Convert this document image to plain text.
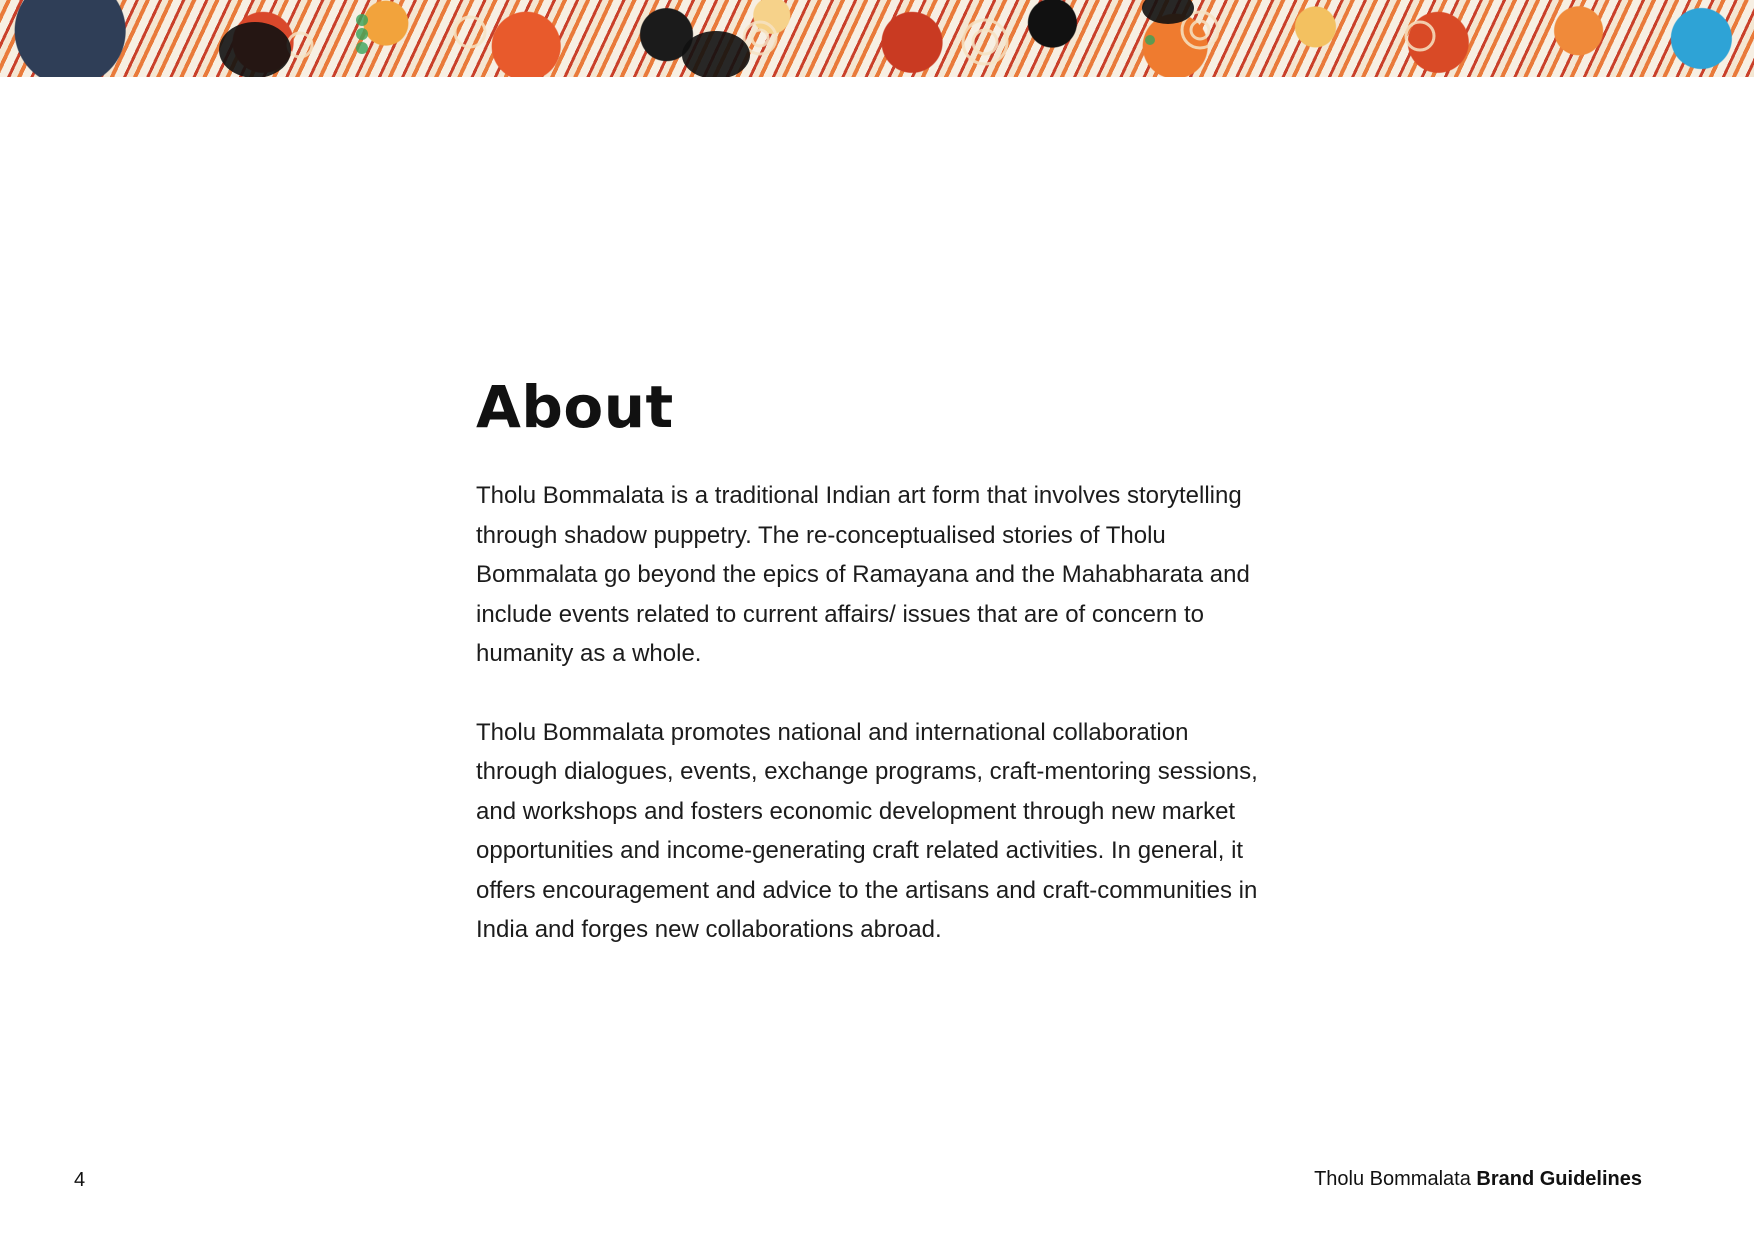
About

Tholu Bommalata is a traditional Indian art form that involves storytelling through shadow puppetry. The re-conceptualised stories of Tholu Bommalata go beyond the epics of Ramayana and the Mahabharata and include events related to current affairs/ issues that are of concern to humanity as a whole.

Tholu Bommalata promotes national and international collaboration through dialogues, events, exchange programs, craft-mentoring sessions, and workshops and fosters economic development through new market opportunities and income-generating craft related activities. In general, it offers encouragement and advice to the artisans and craft-communities in India and forges new collaborations abroad.

4	Tholu Bommalata Brand Guidelines
